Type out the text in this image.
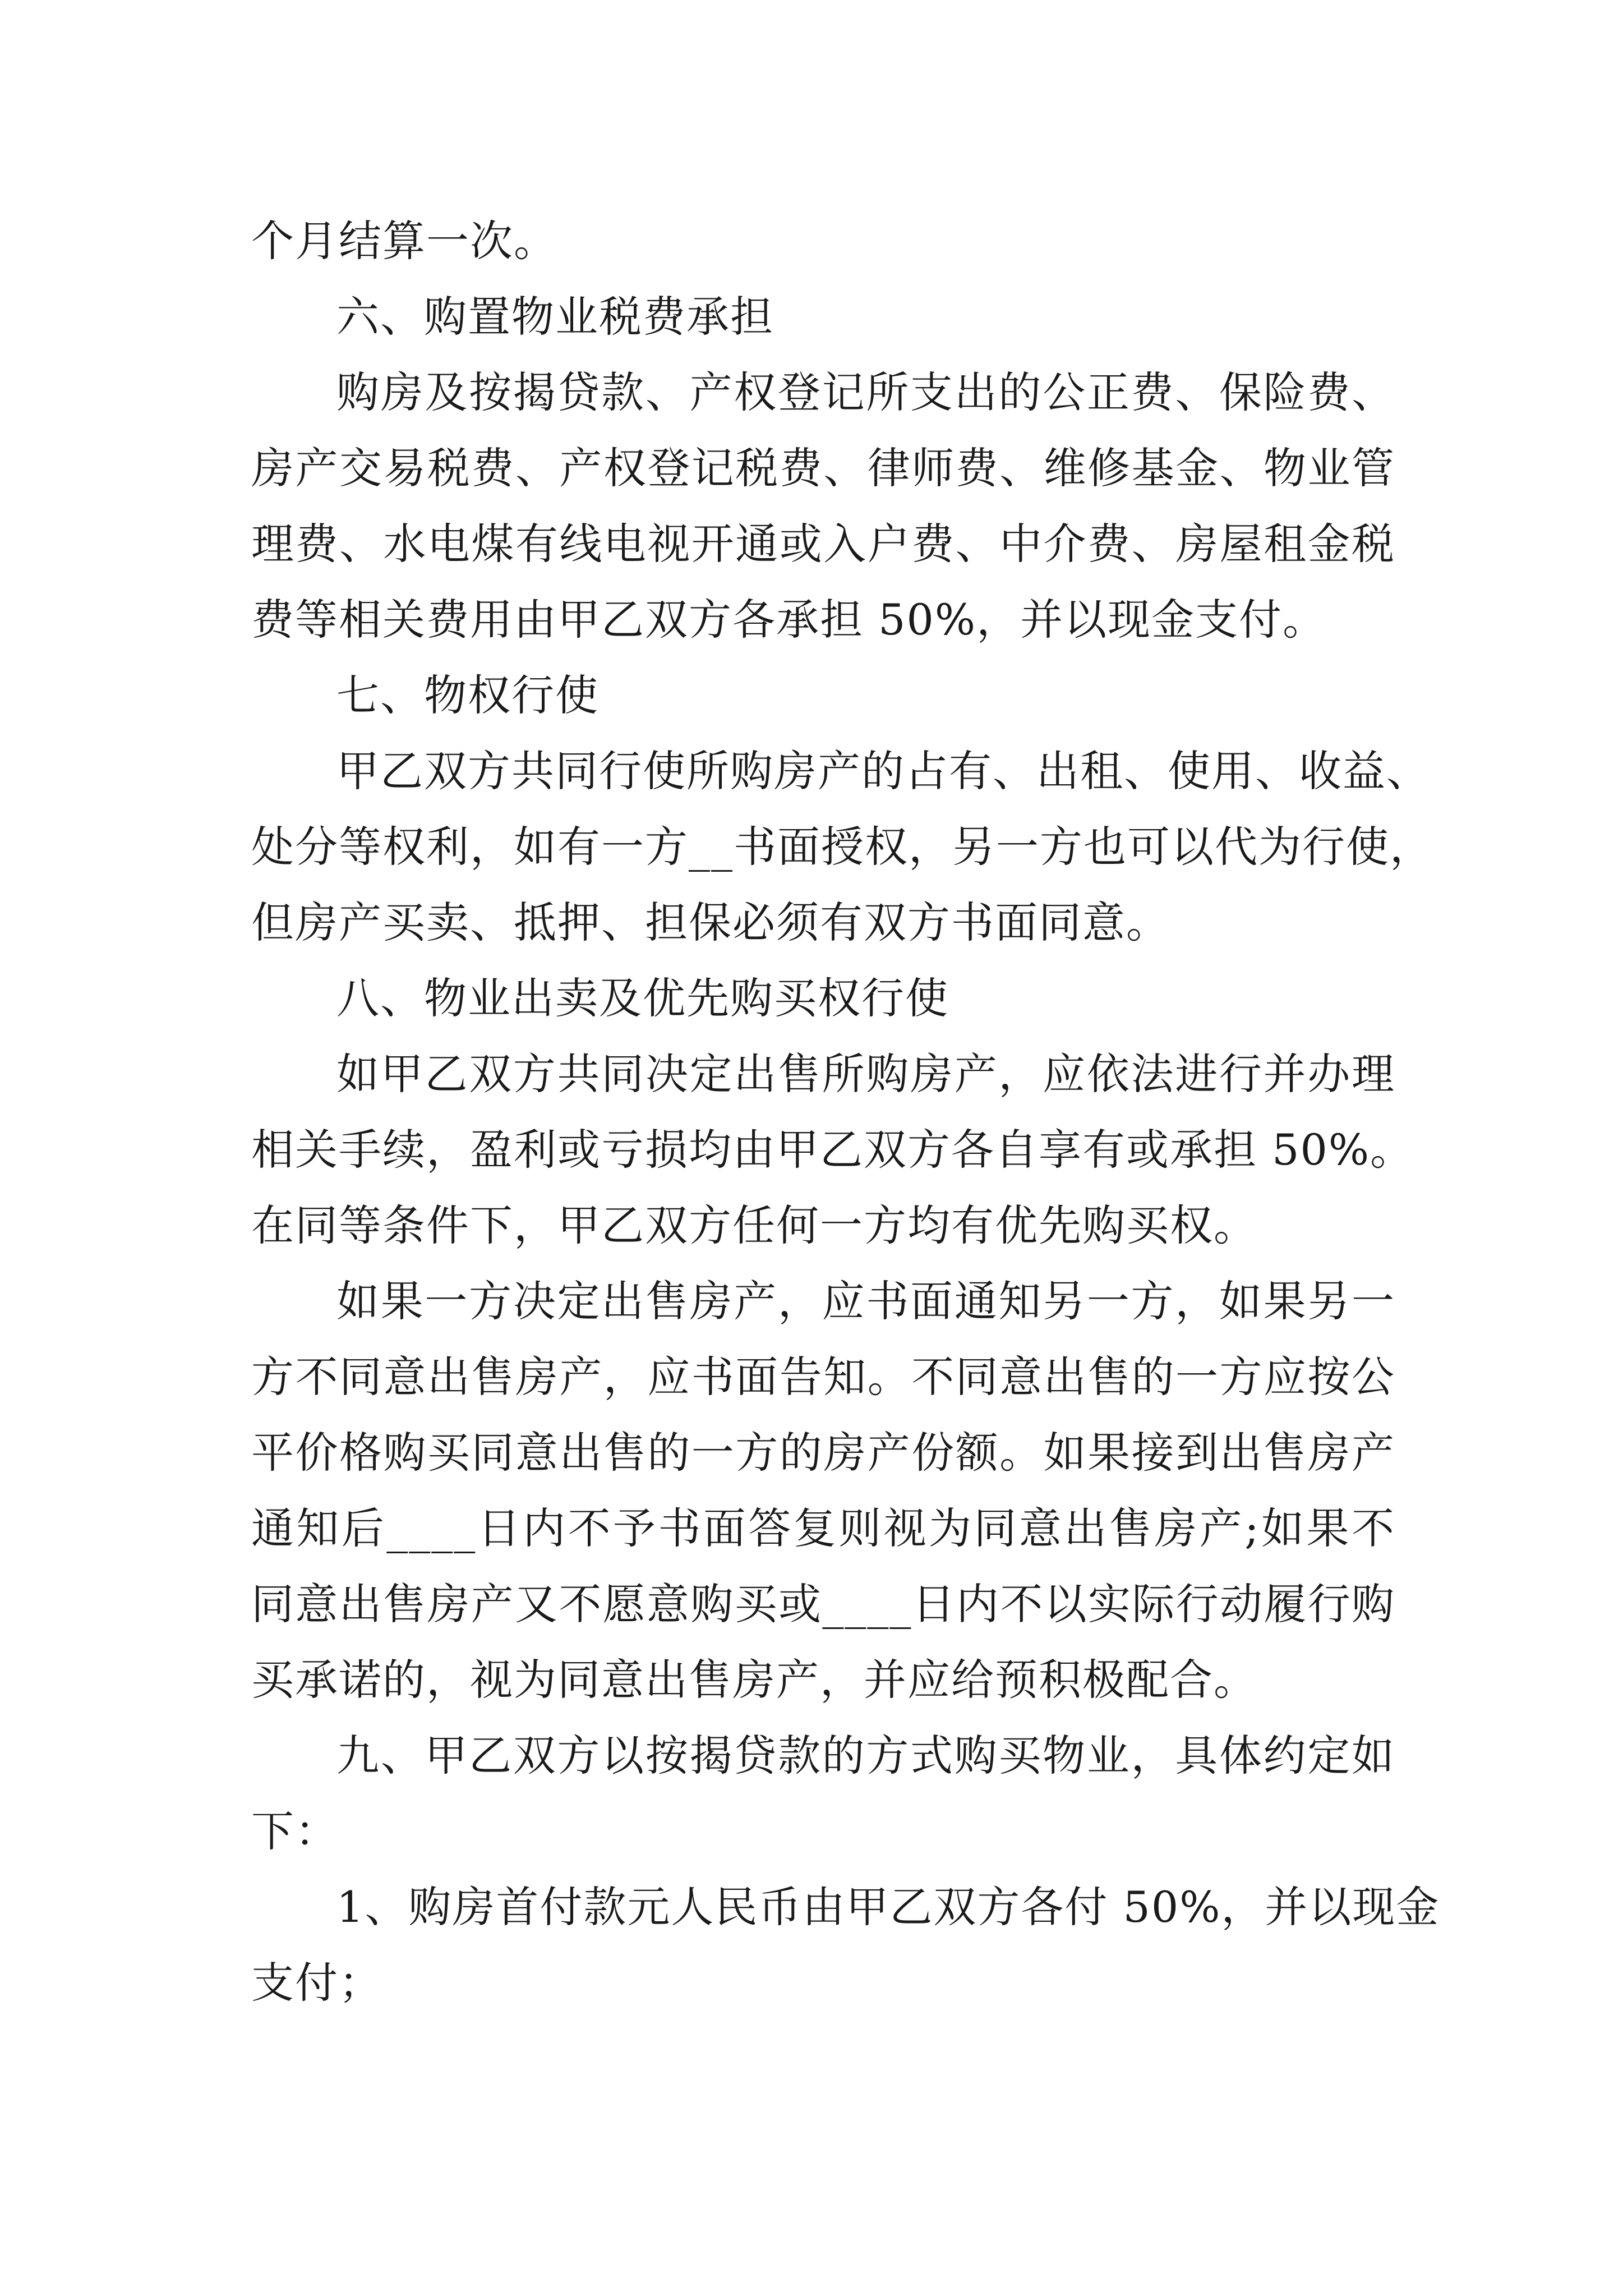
个月结算一次。

六、购置物业税费承担

购房及按揭贷款、产权登记所支出的公正费、保险费、

房产交易税费、产权登记税费、律师费、维修基金、物业管

理费、水电煤有线电视开通或入户费、中介费、房屋租金税

费等相关费用由甲乙双方各承担 50%，并以现金支付。

七、物权行使

甲乙双方共同行使所购房产的占有、出租、使用、收益、

处分等权利，如有一方__书面授权，另一方也可以代为行使，

但房产买卖、抵押、担保必须有双方书面同意。

八、物业出卖及优先购买权行使

如甲乙双方共同决定出售所购房产，应依法进行并办理

相关手续，盈利或亏损均由甲乙双方各自享有或承担 50%。

在同等条件下，甲乙双方任何一方均有优先购买权。

如果一方决定出售房产，应书面通知另一方，如果另一

方不同意出售房产，应书面告知。不同意出售的一方应按公

平价格购买同意出售的一方的房产份额。如果接到出售房产

通知后____日内不予书面答复则视为同意出售房产;如果不

同意出售房产又不愿意购买或____日内不以实际行动履行购

买承诺的，视为同意出售房产，并应给预积极配合。

九、甲乙双方以按揭贷款的方式购买物业，具体约定如

下：

1、购房首付款元人民币由甲乙双方各付 50%，并以现金

支付；
